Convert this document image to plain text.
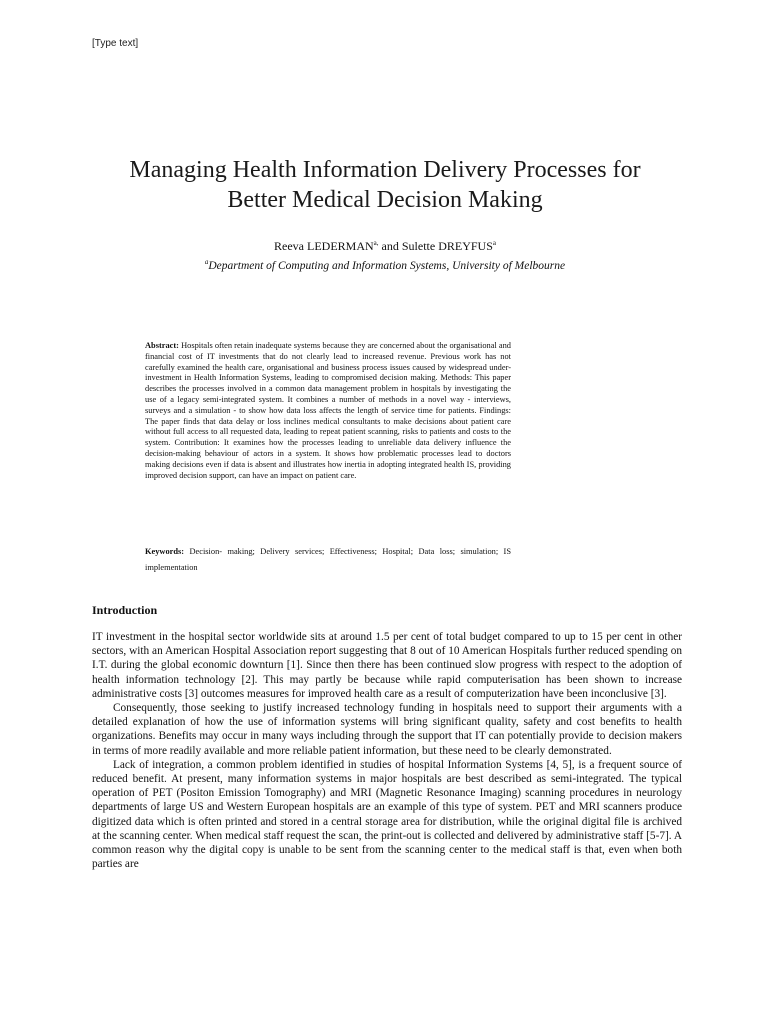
[Type text]
Managing Health Information Delivery Processes for
Better Medical Decision Making
Reeva $LEDERMAN^{a,}$ and Sulette DREYFUS$^a$
$^a$Department of Computing and Information Systems, University of Melbourne

Abstract: Hospitals often retain inadequate systems because they are concerned about the organisational and financial cost of IT investments that do not clearly lead to increased revenue. Previous work has not carefully examined the health care, organisational and business process issues caused by widespread under-investment in Health Information Systems, leading to compromised decision making. Methods: This paper describes the processes involved in a common data management problem in hospitals by investigating the use of a legacy semi-integrated system. It combines a number of methods in a novel way - interviews, surveys and a simulation - to show how data loss affects the length of service time for patients. Findings: The paper finds that data delay or loss inclines medical consultants to make decisions about patient care without full access to all requested data, leading to repeat patient scanning, risks to patients and costs to the system. Contribution: It examines how the processes leading to unreliable data delivery influence the decision-making behaviour of actors in a system. It shows how problematic processes lead to doctors making decisions even if data is absent and illustrates how inertia in adopting integrated health IS, providing improved decision support, can have an impact on patient care.

Keywords: Decision- making; Delivery services; Effectiveness; Hospital; Data loss; simulation; IS implementation

Introduction

IT investment in the hospital sector worldwide sits at around 1.5 per cent of total budget compared to up to 15 per cent in other sectors, with an American Hospital Association report suggesting that 8 out of 10 American Hospitals further reduced spending on I.T. during the global economic downturn [1]. Since then there has been continued slow progress with respect to the adoption of health information technology [2]. This may partly be because while rapid computerisation has been shown to increase administrative costs [3] outcomes measures for improved health care as a result of computerization have been inconclusive [3].

Consequently, those seeking to justify increased technology funding in hospitals need to support their arguments with a detailed explanation of how the use of information systems will bring significant quality, safety and cost benefits to health organizations. Benefits may occur in many ways including through the support that IT can potentially provide to decision makers in terms of more readily available and more reliable patient information, but these need to be clearly demonstrated.

Lack of integration, a common problem identified in studies of hospital Information Systems [4, 5], is a frequent source of reduced benefit. At present, many information systems in major hospitals are best described as semi-integrated. The typical operation of PET (Positon Emission Tomography) and MRI (Magnetic Resonance Imaging) scanning procedures in neurology departments of large US and Western European hospitals are an example of this type of system. PET and MRI scanners produce digitized data which is often printed and stored in a central storage area for distribution, while the original digital file is archived at the scanning center. When medical staff request the scan, the print-out is collected and delivered by administrative staff [5-7]. A common reason why the digital copy is unable to be sent from the scanning center to the medical staff is that, even when both parties are
